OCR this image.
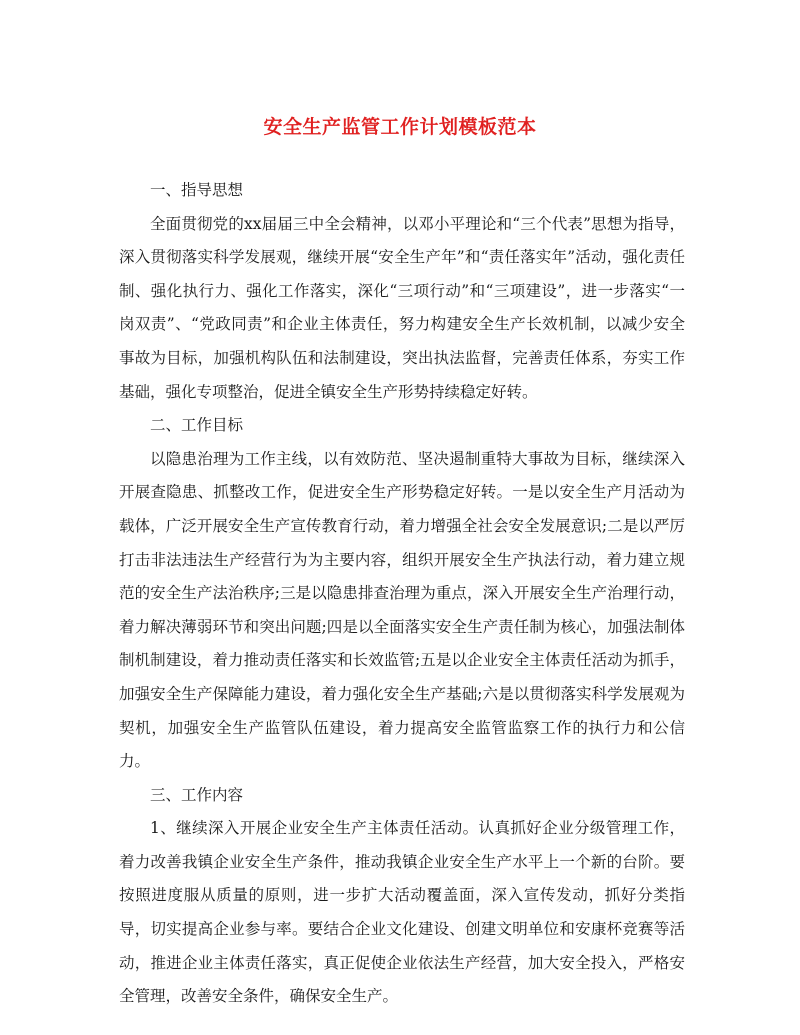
安全生产监管工作计划模板范本

一、指导思想

全面贯彻党的xx届届三中全会精神，以邓小平理论和“三个代表”思想为指导，深入贯彻落实科学发展观，继续开展“安全生产年”和“责任落实年”活动，强化责任制、强化执行力、强化工作落实，深化“三项行动”和“三项建设”，进一步落实“一岗双责”、“党政同责”和企业主体责任，努力构建安全生产长效机制，以减少安全事故为目标，加强机构队伍和法制建设，突出执法监督，完善责任体系，夯实工作基础，强化专项整治，促进全镇安全生产形势持续稳定好转。

二、工作目标

以隐患治理为工作主线，以有效防范、坚决遏制重特大事故为目标，继续深入开展查隐患、抓整改工作，促进安全生产形势稳定好转。一是以安全生产月活动为载体，广泛开展安全生产宣传教育行动，着力增强全社会安全发展意识;二是以严厉打击非法违法生产经营行为为主要内容，组织开展安全生产执法行动，着力建立规范的安全生产法治秩序;三是以隐患排查治理为重点，深入开展安全生产治理行动，着力解决薄弱环节和突出问题;四是以全面落实安全生产责任制为核心，加强法制体制机制建设，着力推动责任落实和长效监管;五是以企业安全主体责任活动为抓手，加强安全生产保障能力建设，着力强化安全生产基础;六是以贯彻落实科学发展观为契机，加强安全生产监管队伍建设，着力提高安全监管监察工作的执行力和公信力。

三、工作内容

1、继续深入开展企业安全生产主体责任活动。认真抓好企业分级管理工作，着力改善我镇企业安全生产条件，推动我镇企业安全生产水平上一个新的台阶。要按照进度服从质量的原则，进一步扩大活动覆盖面，深入宣传发动，抓好分类指导，切实提高企业参与率。要结合企业文化建设、创建文明单位和安康杯竞赛等活动，推进企业主体责任落实，真正促使企业依法生产经营，加大安全投入，严格安全管理，改善安全条件，确保安全生产。
